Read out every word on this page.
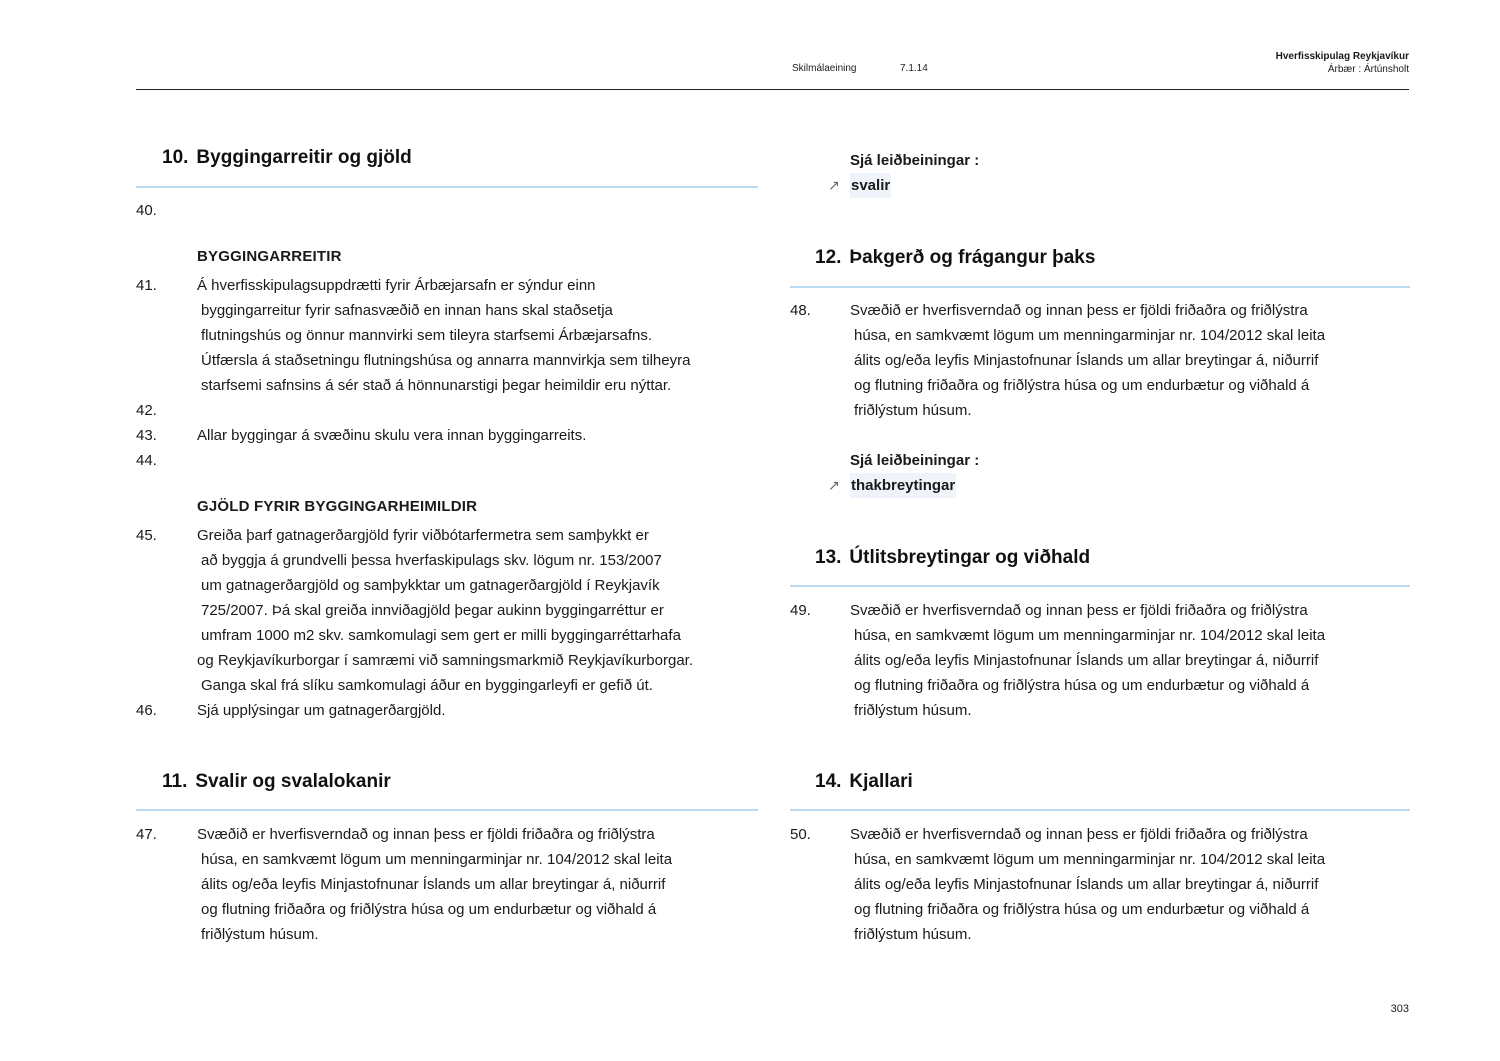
Skilmálaeining	7.1.14
Hverfisskipulag Reykjavíkur
Árbær : Ártúnsholt
10. Byggingarreitir og gjöld
40.
BYGGINGARREITIR
41.	Á hverfisskipulagsuppdrætti fyrir Árbæjarsafn er sýndur einn
byggingarreitur fyrir safnasvæðið en innan hans skal staðsetja
flutningshús og önnur mannvirki sem tileyra starfsemi Árbæjarsafns.
Útfærsla á staðsetningu flutningshúsa og annarra mannvirkja sem tilheyra
starfsemi safnsins á sér stað á hönnunarstigi þegar heimildir eru nýttar.
42.
43.	Allar byggingar á svæðinu skulu vera innan byggingarreits.
44.
GJÖLD FYRIR BYGGINGARHEIMILDIR
45.	Greiða þarf gatnagerðargjöld fyrir viðbótarfermetra sem samþykkt er
að byggja á grundvelli þessa hverfaskipulags skv. lögum nr. 153/2007
um gatnagerðargjöld og samþykktar um gatnagerðargjöld í Reykjavík
725/2007. Þá skal greiða innviðagjöld þegar aukinn byggingarréttur er
umfram 1000 m2 skv. samkomulagi sem gert er milli byggingarréttarhafa
og Reykjavíkurborgar í samræmi við samningsmarkmið Reykjavíkurborgar.
Ganga skal frá slíku samkomulagi áður en byggingarleyfi er gefið út.
46.	Sjá upplýsingar um gatnagerðargjöld.
11. Svalir og svalalokanir
47.	Svæðið er hverfisverndað og innan þess er fjöldi friðaðra og friðlýstra
húsa, en samkvæmt lögum um menningarminjar nr. 104/2012 skal leita
álits og/eða leyfis Minjastofnunar Íslands um allar breytingar á, niðurrif
og flutning friðaðra og friðlýstra húsa og um endurbætur og viðhald á
friðlýstum húsum.
Sjá leiðbeiningar :
↗ svalir
12. Þakgerð og frágangur þaks
48.	Svæðið er hverfisverndað og innan þess er fjöldi friðaðra og friðlýstra
húsa, en samkvæmt lögum um menningarminjar nr. 104/2012 skal leita
álits og/eða leyfis Minjastofnunar Íslands um allar breytingar á, niðurrif
og flutning friðaðra og friðlýstra húsa og um endurbætur og viðhald á
friðlýstum húsum.
Sjá leiðbeiningar :
↗ thakbreytingar
13. Útlitsbreytingar og viðhald
49.	Svæðið er hverfisverndað og innan þess er fjöldi friðaðra og friðlýstra
húsa, en samkvæmt lögum um menningarminjar nr. 104/2012 skal leita
álits og/eða leyfis Minjastofnunar Íslands um allar breytingar á, niðurrif
og flutning friðaðra og friðlýstra húsa og um endurbætur og viðhald á
friðlýstum húsum.
14. Kjallari
50.	Svæðið er hverfisverndað og innan þess er fjöldi friðaðra og friðlýstra
húsa, en samkvæmt lögum um menningarminjar nr. 104/2012 skal leita
álits og/eða leyfis Minjastofnunar Íslands um allar breytingar á, niðurrif
og flutning friðaðra og friðlýstra húsa og um endurbætur og viðhald á
friðlýstum húsum.
303
